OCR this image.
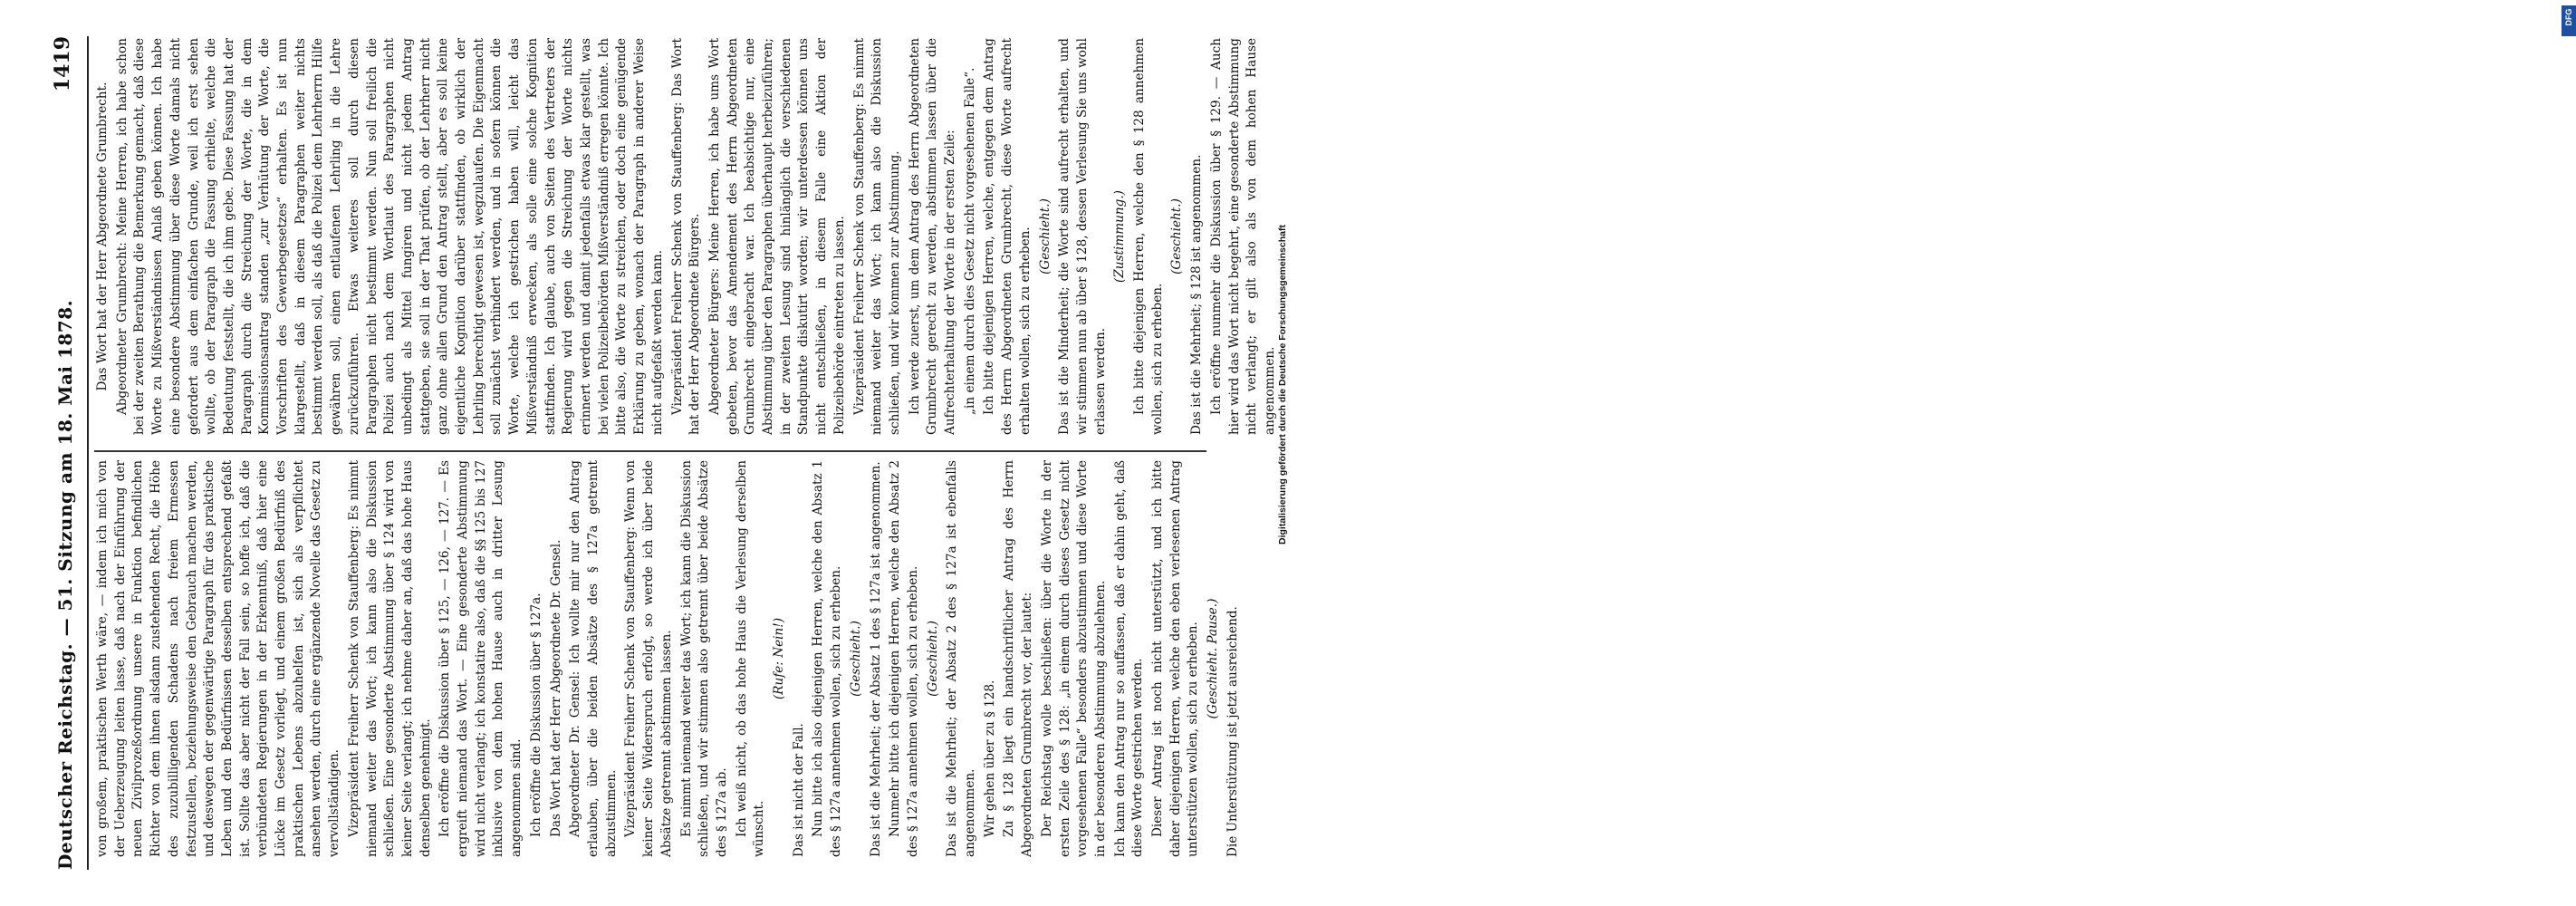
Deutscher Reichstag. — 51. Sitzung am 18. Mai 1878.
1419

von großem, praktischen Werth wäre, — indem ich mich von der Ueberzeugung leiten lasse, daß nach der Einführung der neuen Zivilprozeßordnung unsere in Funktion befindlichen Richter von dem ihnen alsdann zustehenden Recht, die Höhe des zuzubilligenden Schadens nach freiem Ermessen festzustellen, beziehungsweise den Gebrauch machen werden, und deswegen der gegenwärtige Paragraph für das praktische Leben und den Bedürfnissen desselben entsprechend gefaßt ist. Sollte das aber nicht der Fall sein, so hoffe ich, daß die verbündeten Regierungen in der Erkenntniß, daß hier eine Lücke im Gesetz vorliegt, und einem großen Bedürfniß des praktischen Lebens abzuhelfen ist, sich als verpflichtet ansehen werden, durch eine ergänzende Novelle das Gesetz zu vervollständigen. Vizepräsident Freiherr Schenk von Stauffenberg: Es nimmt niemand weiter das Wort; ich kann also die Diskussion schließen. Eine gesonderte Abstimmung über § 124 wird von keiner Seite verlangt; ich nehme daher an, daß das hohe Haus denselben genehmigt. Ich eröffne die Diskussion über § 125, — 126, — 127. — Es ergreift niemand das Wort. — Eine gesonderte Abstimmung wird nicht verlangt; ich konstatire also, daß die §§ 125 bis 127 inklusive von dem hohen Hause auch in dritter Lesung angenommen sind. Ich eröffne die Diskussion über § 127a. Das Wort hat der Herr Abgeordnete Dr. Gensel. Abgeordneter Dr. Gensel: Ich wollte mir nur den Antrag erlauben, über die beiden Absätze des § 127a getrennt abzustimmen. Vizepräsident Freiherr Schenk von Stauffenberg: Wenn von keiner Seite Widerspruch erfolgt, so werde ich über beide Absätze getrennt abstimmen lassen. Es nimmt niemand weiter das Wort; ich kann die Diskussion schließen, und wir stimmen also getrennt über beide Absätze des § 127a ab. Ich weiß nicht, ob das hohe Haus die Verlesung derselben wünscht.

(Rufe: Nein!)

Das ist nicht der Fall. Nun bitte ich also diejenigen Herren, welche den Absatz 1 des § 127a annehmen wollen, sich zu erheben. (Geschieht.) Das ist die Mehrheit; der Absatz 1 des § 127a ist angenommen. Nunmehr bitte ich diejenigen Herren, welche den Absatz 2 des § 127a annehmen wollen, sich zu erheben. (Geschieht.) Das ist die Mehrheit; der Absatz 2 des § 127a ist ebenfalls angenommen. Wir gehen über zu § 128. Zu § 128 liegt ein handschriftlicher Antrag des Herrn Abgeordneten Grumbrecht vor, der lautet: Der Reichstag wolle beschließen: über die Worte in der ersten Zeile des § 128: „in einem durch dieses Gesetz nicht vorgesehenen Falle“ besonders abzustimmen und diese Worte in der besonderen Abstimmung abzulehnen. Ich kann den Antrag nur so auffassen, daß er dahin geht, daß diese Worte gestrichen werden. Dieser Antrag ist noch nicht unterstützt, und ich bitte daher diejenigen Herren, welche den eben verlesenen Antrag unterstützen wollen, sich zu erheben. (Geschieht. Pause.) Die Unterstützung ist jetzt ausreichend.

Das Wort hat der Herr Abgeordnete Grumbrecht. Abgeordneter Grumbrecht: Meine Herren, ich habe schon bei der zweiten Berathung die Bemerkung gemacht, daß diese Worte zu Mißverständnissen Anlaß geben können. Ich habe eine besondere Abstimmung über diese Worte damals nicht gefordert aus dem einfachen Grunde, weil ich erst sehen wollte, ob der Paragraph die Fassung erhielte, welche die Bedeutung feststellt, die ich ihm gebe. Diese Fassung hat der Paragraph durch die Streichung der Worte, die in dem Kommissionsantrag standen „zur Verhütung der Worte, die Vorschriften des Gewerbegesetzes“ erhalten. Es ist nun klargestellt, daß in diesem Paragraphen weiter nichts bestimmt werden soll, als daß die Polizei dem Lehrherrn Hilfe gewähren soll, einen entlaufenen Lehrling in die Lehre zurückzuführen. Etwas weiteres soll durch diesen Paragraphen nicht bestimmt werden. Nun soll freilich die Polizei auch nach dem Wortlaut des Paragraphen nicht unbedingt als Mittel fungiren und nicht jedem Antrag stattgeben, sie soll in der That prüfen, ob der Lehrherr nicht ganz ohne allen Grund den Antrag stellt, aber es soll keine eigentliche Kognition darüber stattfinden, ob wirklich der Lehrling berechtigt gewesen ist, wegzulaufen. Die Eigenmacht soll zunächst verhindert werden, und in sofern können die Worte, welche ich gestrichen haben will, leicht das Mißverständniß erwecken, als solle eine solche Kognition stattfinden. Ich glaube, auch von Seiten des Vertreters der Regierung wird gegen die Streichung der Worte nichts erinnert werden und damit jedenfalls etwas klar gestellt, was bei vielen Polizeibehörden Mißverständniß erregen könnte. Ich bitte also, die Worte zu streichen, oder doch eine genügende Erklärung zu geben, wonach der Paragraph in anderer Weise nicht aufgefaßt werden kann. Vizepräsident Freiherr Schenk von Stauffenberg: Das Wort hat der Herr Abgeordnete Bürgers. Abgeordneter Bürgers: Meine Herren, ich habe ums Wort gebeten, bevor das Amendement des Herrn Abgeordneten Grumbrecht eingebracht war. Ich beabsichtige nur, eine Abstimmung über den Paragraphen überhaupt herbeizuführen; in der zweiten Lesung sind hinlänglich die verschiedenen Standpunkte diskutirt worden; wir unterdessen können uns nicht entschließen, in diesem Falle eine Aktion der Polizeibehörde eintreten zu lassen. Vizepräsident Freiherr Schenk von Stauffenberg: Es nimmt niemand weiter das Wort; ich kann also die Diskussion schließen, und wir kommen zur Abstimmung. Ich werde zuerst, um dem Antrag des Herrn Abgeordneten Grumbrecht gerecht zu werden, abstimmen lassen über die Aufrechterhaltung der Worte in der ersten Zeile: „in einem durch dies Gesetz nicht vorgesehenen Falle“. Ich bitte diejenigen Herren, welche, entgegen dem Antrag des Herrn Abgeordneten Grumbrecht, diese Worte aufrecht erhalten wollen, sich zu erheben. (Geschieht.) Das ist die Minderheit; die Worte sind aufrecht erhalten, und wir stimmen nun ab über § 128, dessen Verlesung Sie uns wohl erlassen werden.

(Zustimmung.) Ich bitte diejenigen Herren, welche den § 128 annehmen wollen, sich zu erheben.

(Geschieht.) Das ist die Mehrheit; § 128 ist angenommen. Ich eröffne nunmehr die Diskussion über § 129. — Auch hier wird das Wort nicht begehrt, eine gesonderte Abstimmung nicht verlangt; er gilt also als von dem hohen Hause angenommen.

DFG
Digitalisierung gefördert durch die Deutsche Forschungsgemeinschaft
